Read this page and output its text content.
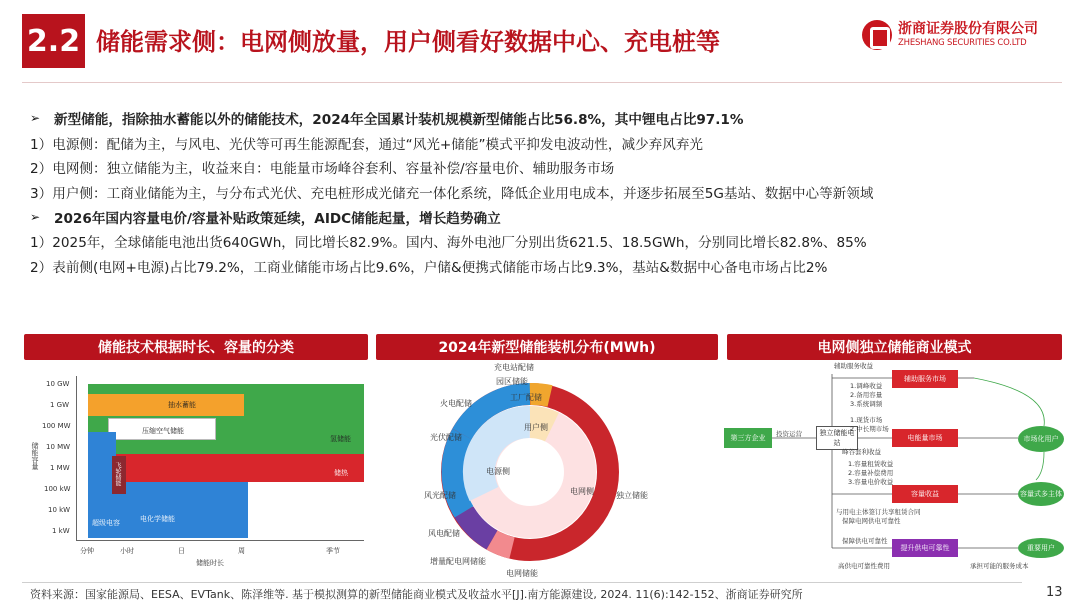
2.2 储能需求侧：电网侧放量，用户侧看好数据中心、充电桩等	浙商证券股份有限公司
ZHESHANG SECURITIES CO.LTD
➢	新型储能，指除抽水蓄能以外的储能技术，2024年全国累计装机规模新型储能占比56.8%，其中锂电占比97.1%
1）电源侧：配储为主，与风电、光伏等可再生能源配套，通过“风光+储能”模式平抑发电波动性，减少弃风弃光
2）电网侧：独立储能为主，收益来自：电能量市场峰谷套利、容量补偿/容量电价、辅助服务市场
3）用户侧：工商业储能为主，与分布式光伏、充电桩形成光储充一体化系统，降低企业用电成本，并逐步拓展至5G基站、数据中心等新领域
➢	2026年国内容量电价/容量补贴政策延续，AIDC储能起量，增长趋势确立
1）2025年，全球储能电池出货640GWh，同比增长82.9%。国内、海外电池厂分别出货621.5、18.5GWh，分别同比增长82.8%、85%
2）表前侧(电网+电源)占比79.2%，工商业储能市场占比9.6%，户储&便携式储能市场占比9.3%，基站&数据中心备电市场占比2%
储能技术根据时长、容量的分类	2024年新型储能装机分布(MWh)	电网侧独立储能商业模式
储能容量
10 GW
1 GW
100 MW
10 MW
1 MW
100 kW
10 kW
1 kW
抽水蓄能
压缩空气储能
氢储能
储热
电化学储能
超级电容
飞轮储能
分钟	小时	日	周	季节
储能时长
充电站配储
园区储能
工厂配储
火电配储
光伏配储
风光配储
风电配储
增量配电网储能
电网储能
独立储能
用户侧
电源侧
电网侧
第三方企业
独立储能电站
辅助服务市场
电能量市场
容量收益
提升供电可靠性
市场化用户
容量式多主体
重要用户
辅助服务收益
1.调峰收益
2.备用容量
3.系统调频
1.现货市场
2.中长期市场
峰谷套利收益
1.容量租赁收益
2.容量补偿费用
3.容量电价收益
与用电主体签订共享租赁合同
保障电网供电可靠性
保障供电可靠性
高供电可靠性费用	承担可能的服务成本
投资运营
资料来源：国家能源局、EESA、EVTank、陈泽维等. 基于模拟测算的新型储能商业模式及收益水平[J].南方能源建设, 2024. 11(6):142-152、浙商证券研究所	13
